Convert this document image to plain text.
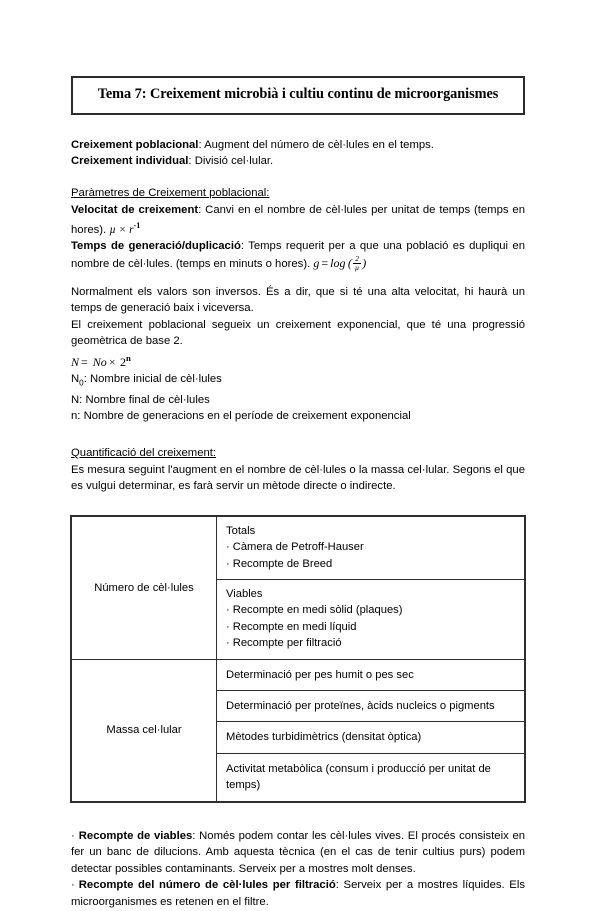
Tema 7: Creixement microbià i cultiu continu de microorganismes
Creixement poblacional: Augment del número de cèl·lules en el temps.
Creixement individual: Divisió cel·lular.
Paràmetres de Creixement poblacional:
Velocitat de creixement: Canvi en el nombre de cèl·lules per unitat de temps (temps en hores). $\mu \times r^{-1}$
Temps de generació/duplicació: Temps requerit per a que una població es dupliqui en nombre de cèl·lules. (temps en minuts o hores). g = log ( $\frac{2}{\text{µ}}$ )
Normalment els valors son inversos. És a dir, que si té una alta velocitat, hi haurà un temps de generació baix i viceversa.
El creixement poblacional segueix un creixement exponencial, que té una progressió geomètrica de base 2.
N =  No ×  2$^n$
$N_0$: Nombre inicial de cèl·lules
N: Nombre final de cèl·lules
n: Nombre de generacions en el període de creixement exponencial
Quantificació del creixement:
Es mesura seguint l'augment en el nombre de cèl·lules o la massa cel·lular. Segons el que es vulgui determinar, es farà servir un mètode directe o indirecte.
Número de cèl·lules	Totals
· Càmera de Petroff-Hauser
· Recompte de Breed

	Viables
· Recompte en medi sòlid (plaques)
· Recompte en medi líquid
· Recompte per filtració

Massa cel·lular	Determinació per pes humit o pes sec
	Determinació per proteïnes, àcids nucleics o pigments
	Mètodes turbidimètrics (densitat òptica)
	Activitat metabòlica (consum i producció per unitat de temps)
· Recompte de viables: Només podem contar les cèl·lules vives. El procés consisteix en fer un banc de dilucions. Amb aquesta tècnica (en el cas de tenir cultius purs) podem detectar possibles contaminants. Serveix per a mostres molt denses.
· Recompte del número de cèl·lules per filtració: Serveix per a mostres líquides. Els microorganismes es retenen en el filtre.
